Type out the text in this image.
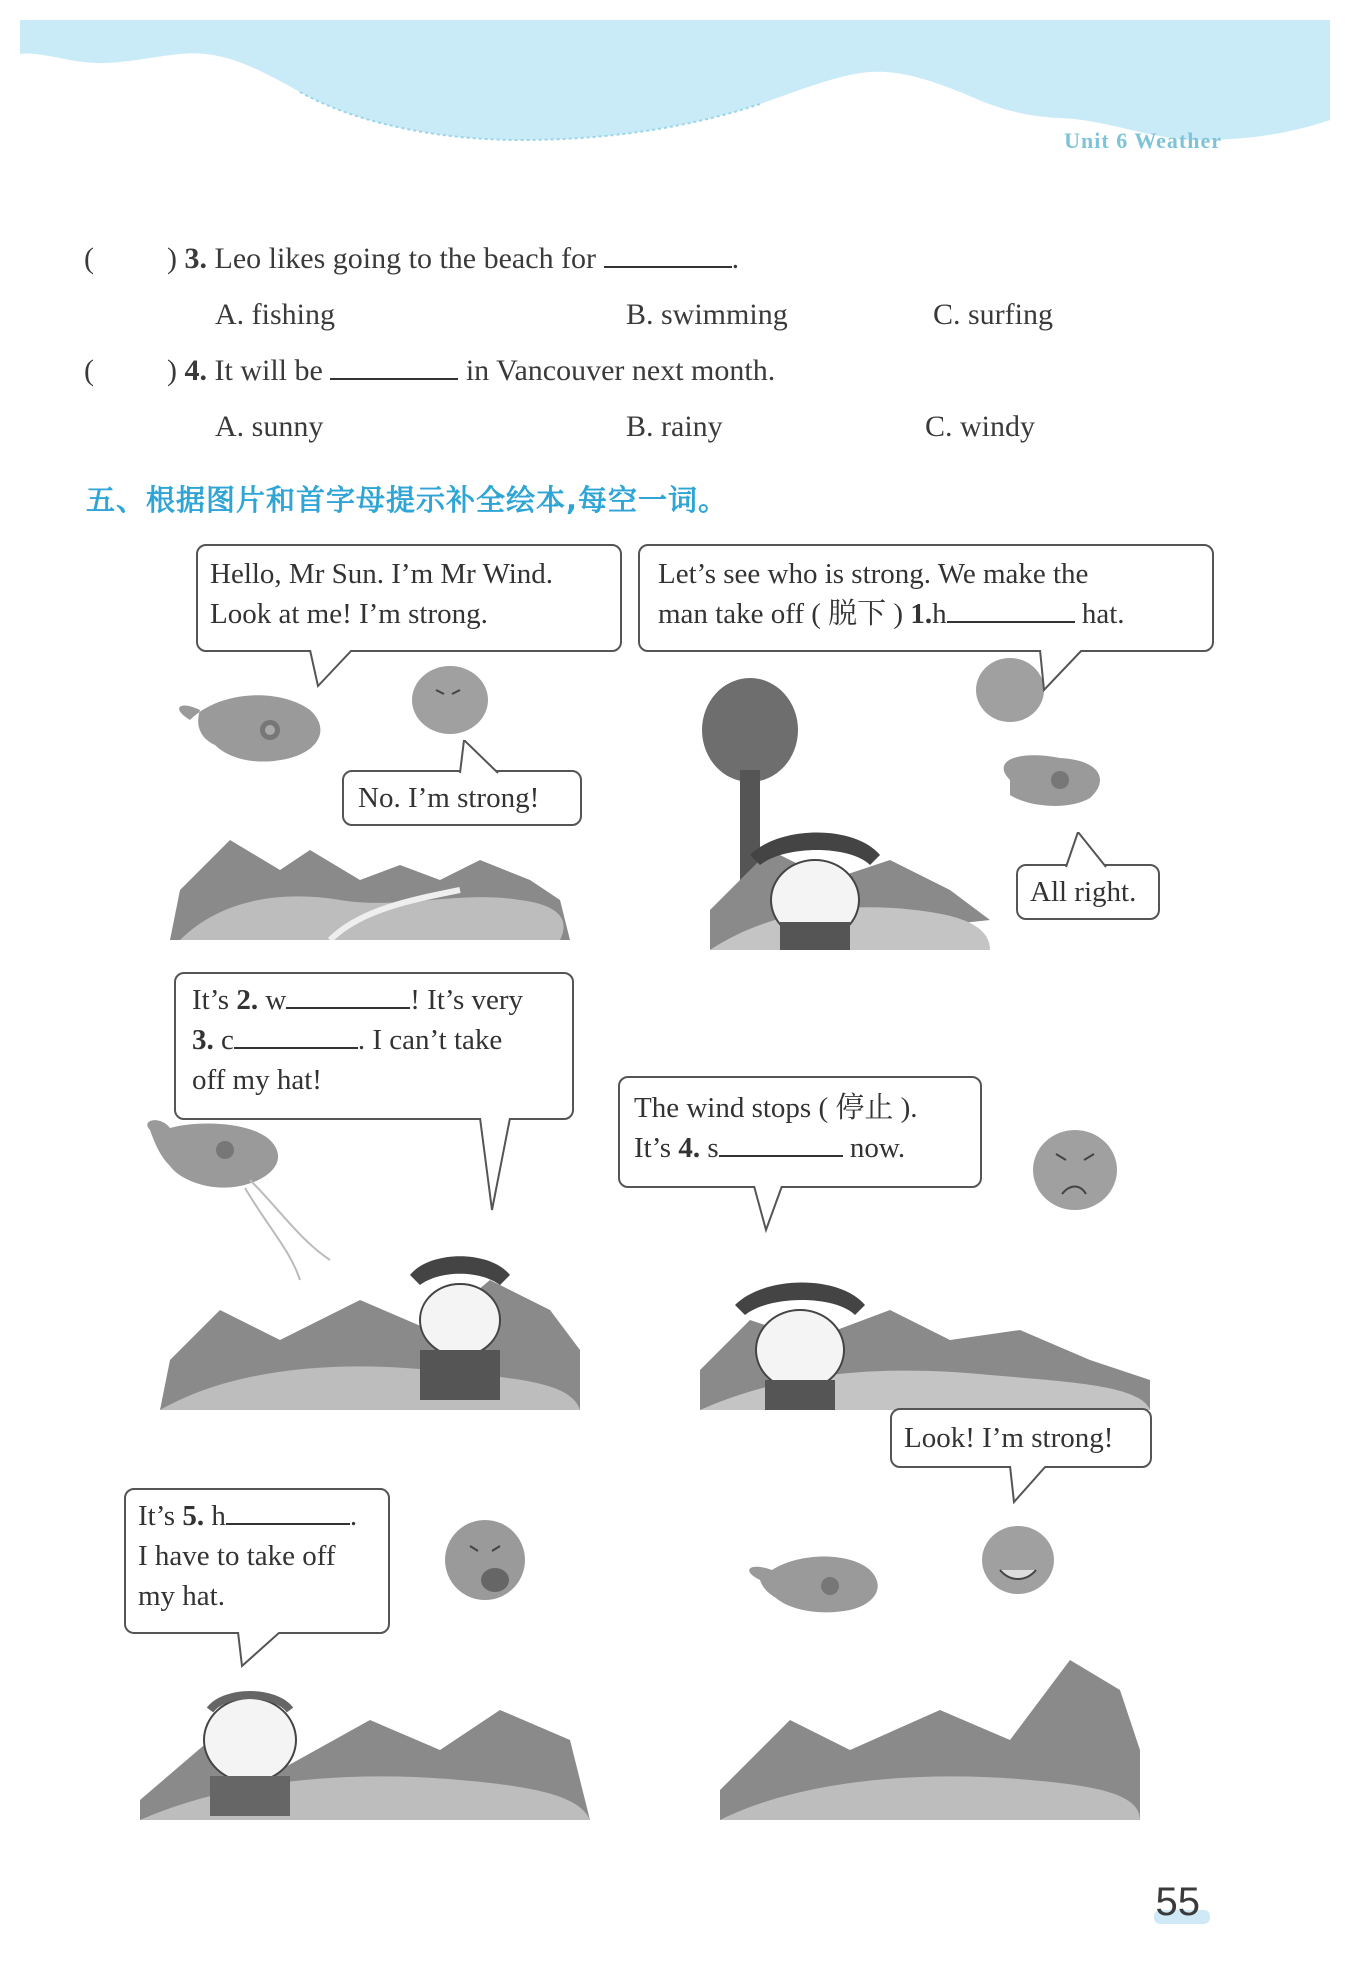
Unit 6 Weather
( ) 3. Leo likes going to the beach for	.
A. fishing	B. swimming	C. surfing
( ) 4. It will be	in Vancouver next month.
A. sunny	B. rainy	C. windy
五、根据图片和首字母提示补全绘本,每空一词。
Hello, Mr Sun. I’m Mr Wind.
Look at me! I’m strong.
No. I’m strong!
Let’s see who is strong. We make the
man take off ( 脱下 ) 1.h	hat.
All right.
It’s 2. w	! It’s very
3. c	. I can’t take
off my hat!
The wind stops ( 停止 ).
It’s 4. s	now.
It’s 5. h	.
I have to take off
my hat.
Look! I’m strong!
55
